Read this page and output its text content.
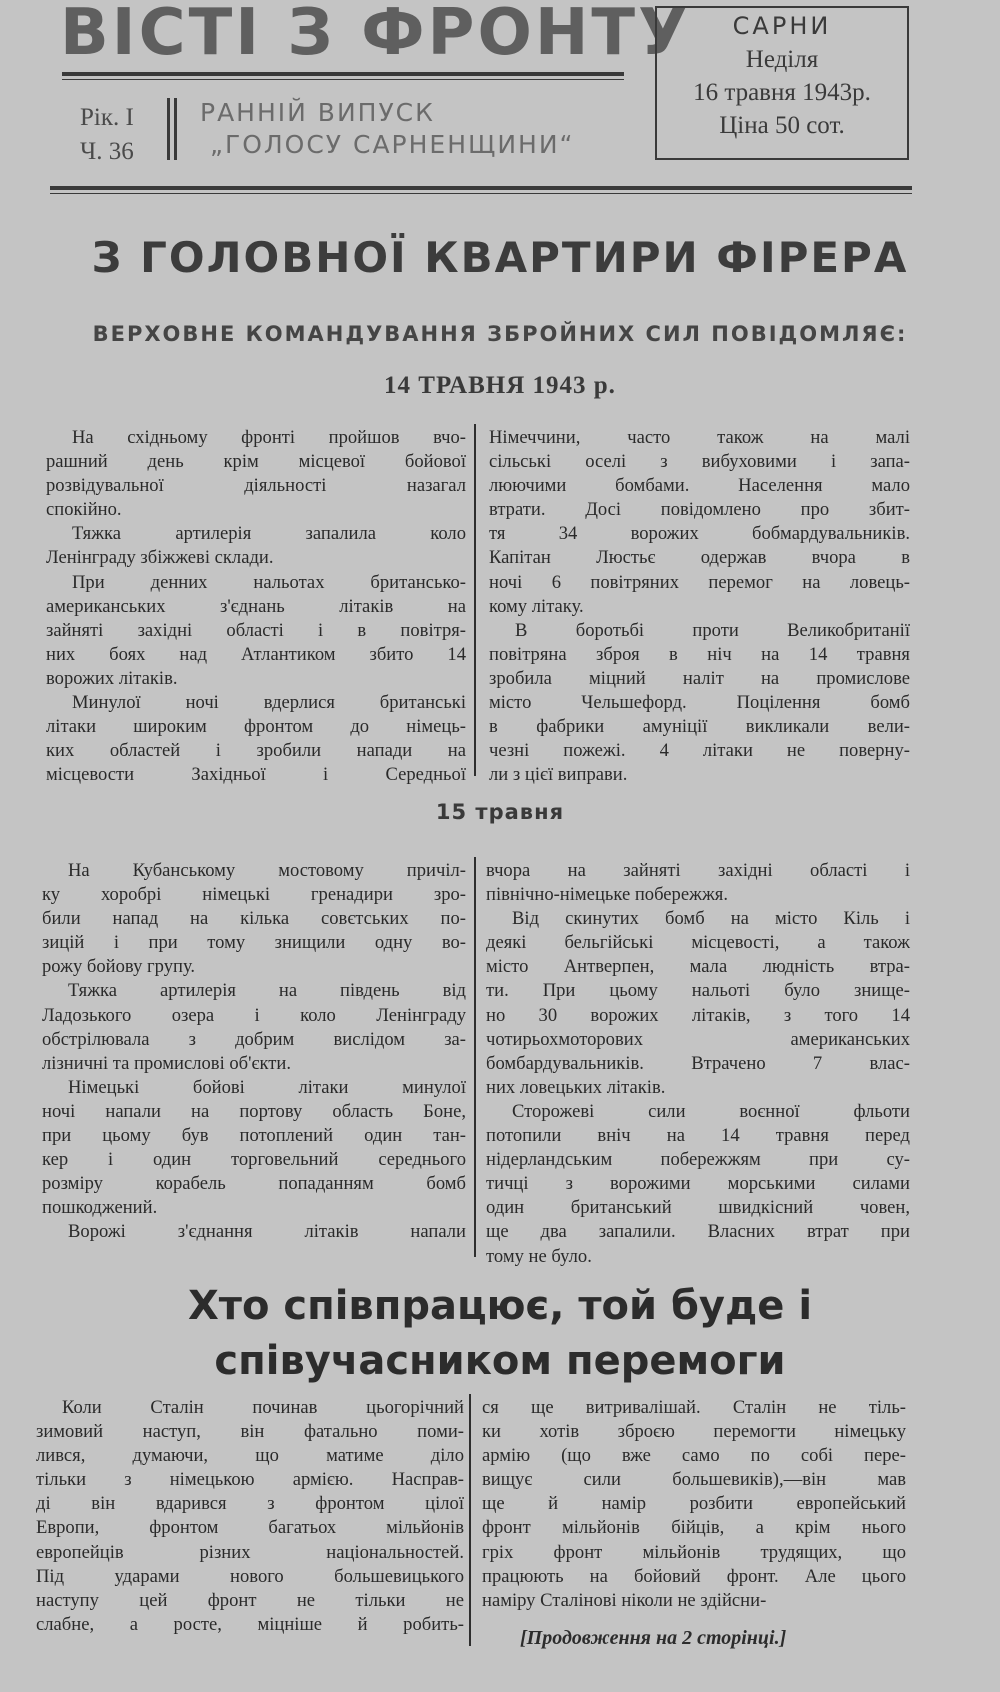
ВІСТІ З ФРОНТУ
Рік. I
Ч. 36
РАННІЙ ВИПУСК
„ГОЛОСУ САРНЕНЩИНИ“
САРНИ
Неділя
16 травня 1943р.
Ціна 50 сот.
З ГОЛОВНОЇ КВАРТИРИ ФІРЕРА
ВЕРХОВНЕ КОМАНДУВАННЯ ЗБРОЙНИХ СИЛ ПОВІДОМЛЯЄ:
14 ТРАВНЯ 1943 р.
На східньому фронті пройшов вчо-
рашний день крім місцевої бойової
розвідувальної діяльності назагал
спокійно.
Тяжка артилерія запалила коло
Ленінграду збіжжеві склади.
При денних нальотах британсько-
американських з'єднань літаків на
зайняті західні області і в повітря-
них боях над Атлантиком збито 14
ворожих літаків.
Минулої ночі вдерлися британські
літаки широким фронтом до німець-
ких областей і зробили напади на
місцевости Західньої і Середньої
Німеччини, часто також на малі
сільські оселі з вибуховими і запа-
люючими бомбами. Населення мало
втрати. Досі повідомлено про збит-
тя 34 ворожих бобмардувальників.
Капітан Люстьє одержав вчора в
ночі 6 повітряних перемог на ловець-
кому літаку.
В боротьбі проти Великобританії
повітряна зброя в ніч на 14 травня
зробила міцний наліт на промислове
місто Чельшефорд. Поцілення бомб
в фабрики амуніції викликали вели-
чезні пожежі. 4 літаки не поверну-
ли з цієї виправи.
15 травня
На Кубанському мостовому причіл-
ку хоробрі німецькі гренадири зро-
били напад на кілька совєтських по-
зицій і при тому знищили одну во-
рожу бойову групу.
Тяжка артилерія на південь від
Ладозького озера і коло Ленінграду
обстрілювала з добрим вислідом за-
лізничні та промислові об'єкти.
Німецькі бойові літаки минулої
ночі напали на портову область Боне,
при цьому був потоплений один тан-
кер і один торговельний середнього
розміру корабель попаданням бомб
пошкоджений.
Ворожі з'єднання літаків напали
вчора на зайняті західні області і
північно-німецьке побережжя.
Від скинутих бомб на місто Кіль і
деякі бельгійські місцевості, а також
місто Антверпен, мала людність втра-
ти. При цьому нальоті було знище-
но 30 ворожих літаків, з того 14
чотирьохмоторових американських
бомбардувальників. Втрачено 7 влас-
них ловецьких літаків.
Сторожеві сили воєнної фльоти
потопили вніч на 14 травня перед
нідерландським побережжям при су-
тичці з ворожими морськими силами
один британський швидкісний човен,
ще два запалили. Власних втрат при
тому не було.
Хто співпрацює, той буде і
співучасником перемоги
Коли Сталін починав цьогорічний
зимовий наступ, він фатально поми-
лився, думаючи, що матиме діло
тільки з німецькою армією. Насправ-
ді він вдарився з фронтом цілої
Европи, фронтом багатьох мільйонів
европейців різних національностей.
Під ударами нового большевицького
наступу цей фронт не тільки не
слабне, а росте, міцніше й робить-
ся ще витривалішай. Сталін не тіль-
ки хотів зброєю перемогти німецьку
армію (що вже само по собі пере-
вищує сили большевиків),—він мав
ще й намір розбити европейський
фронт мільйонів бійців, а крім нього
гріх фронт мільйонів трудящих, що
працюють на бойовий фронт. Але цього
наміру Сталінові ніколи не здійсни-
[Продовження на 2 сторінці.]
